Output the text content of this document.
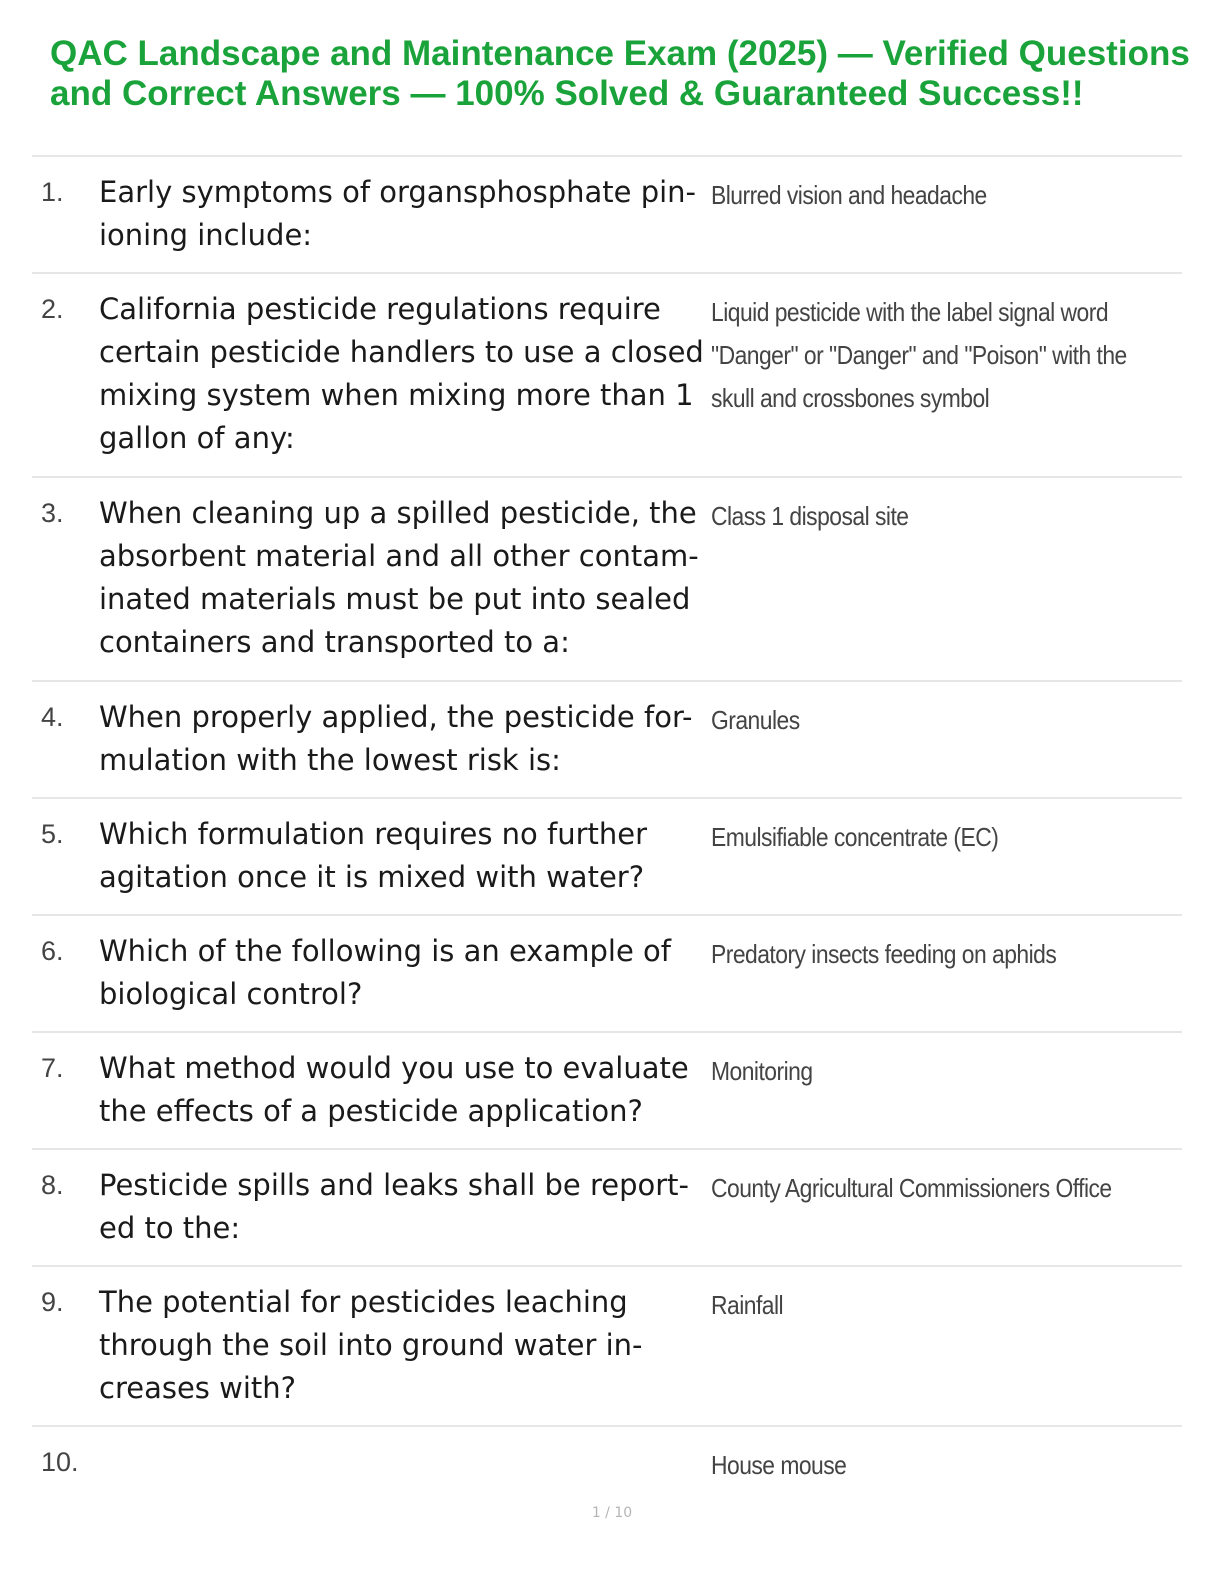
QAC Landscape and Maintenance Exam (2025) — Verified Questions and Correct Answers — 100% Solved & Guaranteed Success!!
1. Early symptoms of organsphosphate pin-ioning include:
Blurred vision and headache
2. California pesticide regulations require certain pesticide handlers to use a closed mixing system when mixing more than 1 gallon of any:
Liquid pesticide with the label signal word "Danger" or "Danger" and "Poison" with the skull and crossbones symbol
3. When cleaning up a spilled pesticide, the absorbent material and all other contam-inated materials must be put into sealed containers and transported to a:
Class 1 disposal site
4. When properly applied, the pesticide for-mulation with the lowest risk is:
Granules
5. Which formulation requires no further agitation once it is mixed with water?
Emulsifiable concentrate (EC)
6. Which of the following is an example of biological control?
Predatory insects feeding on aphids
7. What method would you use to evaluate the effects of a pesticide application?
Monitoring
8. Pesticide spills and leaks shall be report-ed to the:
County Agricultural Commissioners Office
9. The potential for pesticides leaching through the soil into ground water in-creases with?
Rainfall
10.	House mouse
1 / 10
